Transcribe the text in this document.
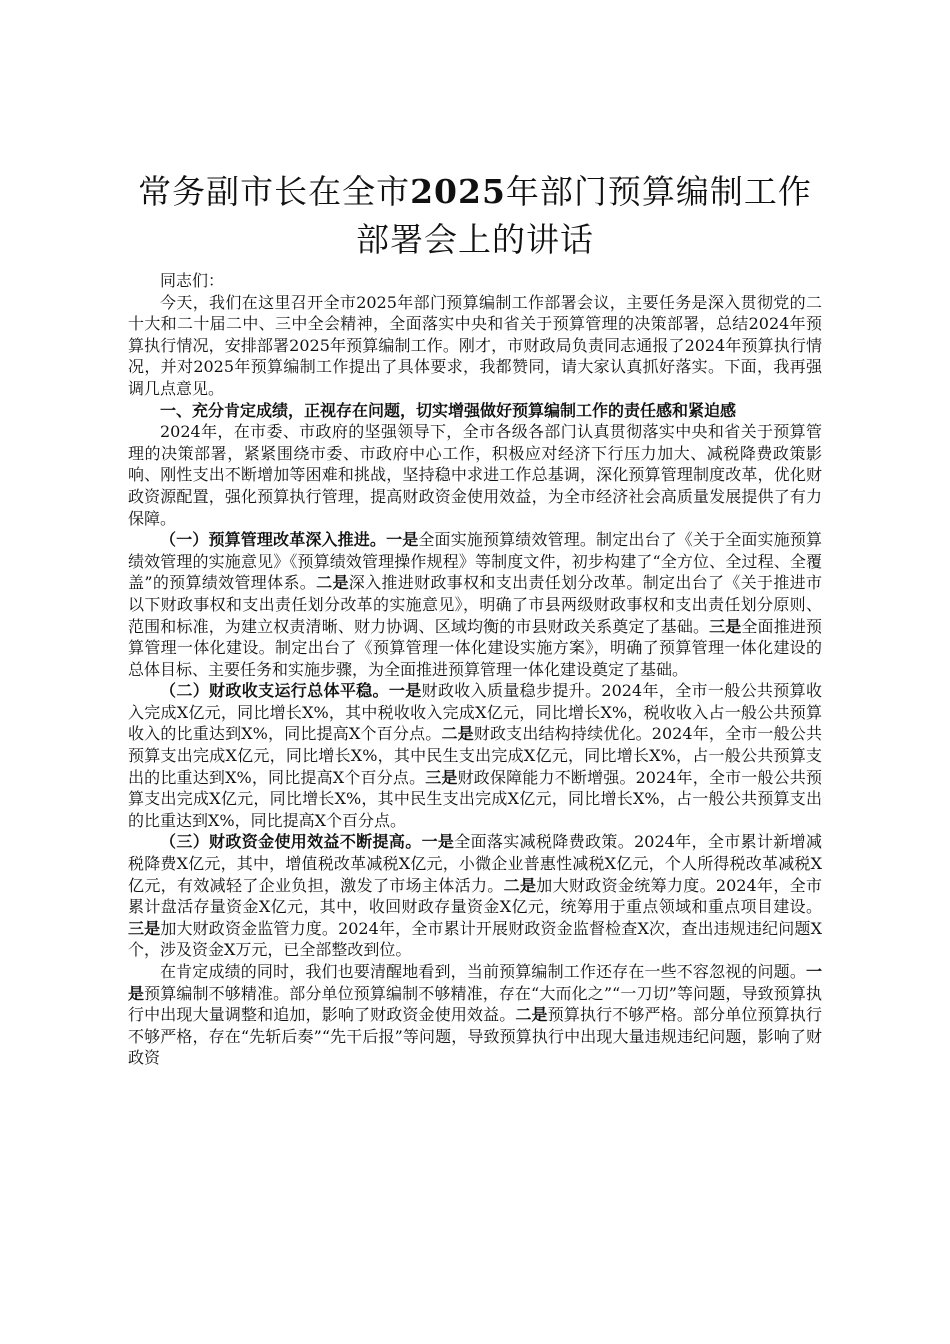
常务副市长在全市2025年部门预算编制工作
部署会上的讲话

同志们：

今天，我们在这里召开全市2025年部门预算编制工作部署会议，主要任务是深入贯彻党的二十大和二十届二中、三中全会精神，全面落实中央和省关于预算管理的决策部署，总结2024年预算执行情况，安排部署2025年预算编制工作。刚才，市财政局负责同志通报了2024年预算执行情况，并对2025年预算编制工作提出了具体要求，我都赞同，请大家认真抓好落实。下面，我再强调几点意见。

一、充分肯定成绩，正视存在问题，切实增强做好预算编制工作的责任感和紧迫感

2024年，在市委、市政府的坚强领导下，全市各级各部门认真贯彻落实中央和省关于预算管理的决策部署，紧紧围绕市委、市政府中心工作，积极应对经济下行压力加大、减税降费政策影响、刚性支出不断增加等困难和挑战，坚持稳中求进工作总基调，深化预算管理制度改革，优化财政资源配置，强化预算执行管理，提高财政资金使用效益，为全市经济社会高质量发展提供了有力保障。

（一）预算管理改革深入推进。一是全面实施预算绩效管理。制定出台了《关于全面实施预算绩效管理的实施意见》《预算绩效管理操作规程》等制度文件，初步构建了“全方位、全过程、全覆盖”的预算绩效管理体系。二是深入推进财政事权和支出责任划分改革。制定出台了《关于推进市以下财政事权和支出责任划分改革的实施意见》，明确了市县两级财政事权和支出责任划分原则、范围和标准，为建立权责清晰、财力协调、区域均衡的市县财政关系奠定了基础。三是全面推进预算管理一体化建设。制定出台了《预算管理一体化建设实施方案》，明确了预算管理一体化建设的总体目标、主要任务和实施步骤，为全面推进预算管理一体化建设奠定了基础。

（二）财政收支运行总体平稳。一是财政收入质量稳步提升。2024年，全市一般公共预算收入完成X亿元，同比增长X%，其中税收收入完成X亿元，同比增长X%，税收收入占一般公共预算收入的比重达到X%，同比提高X个百分点。二是财政支出结构持续优化。2024年，全市一般公共预算支出完成X亿元，同比增长X%，其中民生支出完成X亿元，同比增长X%，占一般公共预算支出的比重达到X%，同比提高X个百分点。三是财政保障能力不断增强。2024年，全市一般公共预算支出完成X亿元，同比增长X%，其中民生支出完成X亿元，同比增长X%，占一般公共预算支出的比重达到X%，同比提高X个百分点。

（三）财政资金使用效益不断提高。一是全面落实减税降费政策。2024年，全市累计新增减税降费X亿元，其中，增值税改革减税X亿元，小微企业普惠性减税X亿元，个人所得税改革减税X亿元，有效减轻了企业负担，激发了市场主体活力。二是加大财政资金统筹力度。2024年，全市累计盘活存量资金X亿元，其中，收回财政存量资金X亿元，统筹用于重点领域和重点项目建设。三是加大财政资金监管力度。2024年，全市累计开展财政资金监督检查X次，查出违规违纪问题X个，涉及资金X万元，已全部整改到位。

在肯定成绩的同时，我们也要清醒地看到，当前预算编制工作还存在一些不容忽视的问题。一是预算编制不够精准。部分单位预算编制不够精准，存在“大而化之”“一刀切”等问题，导致预算执行中出现大量调整和追加，影响了财政资金使用效益。二是预算执行不够严格。部分单位预算执行不够严格，存在“先斩后奏”“先干后报”等问题，导致预算执行中出现大量违规违纪问题，影响了财政资
